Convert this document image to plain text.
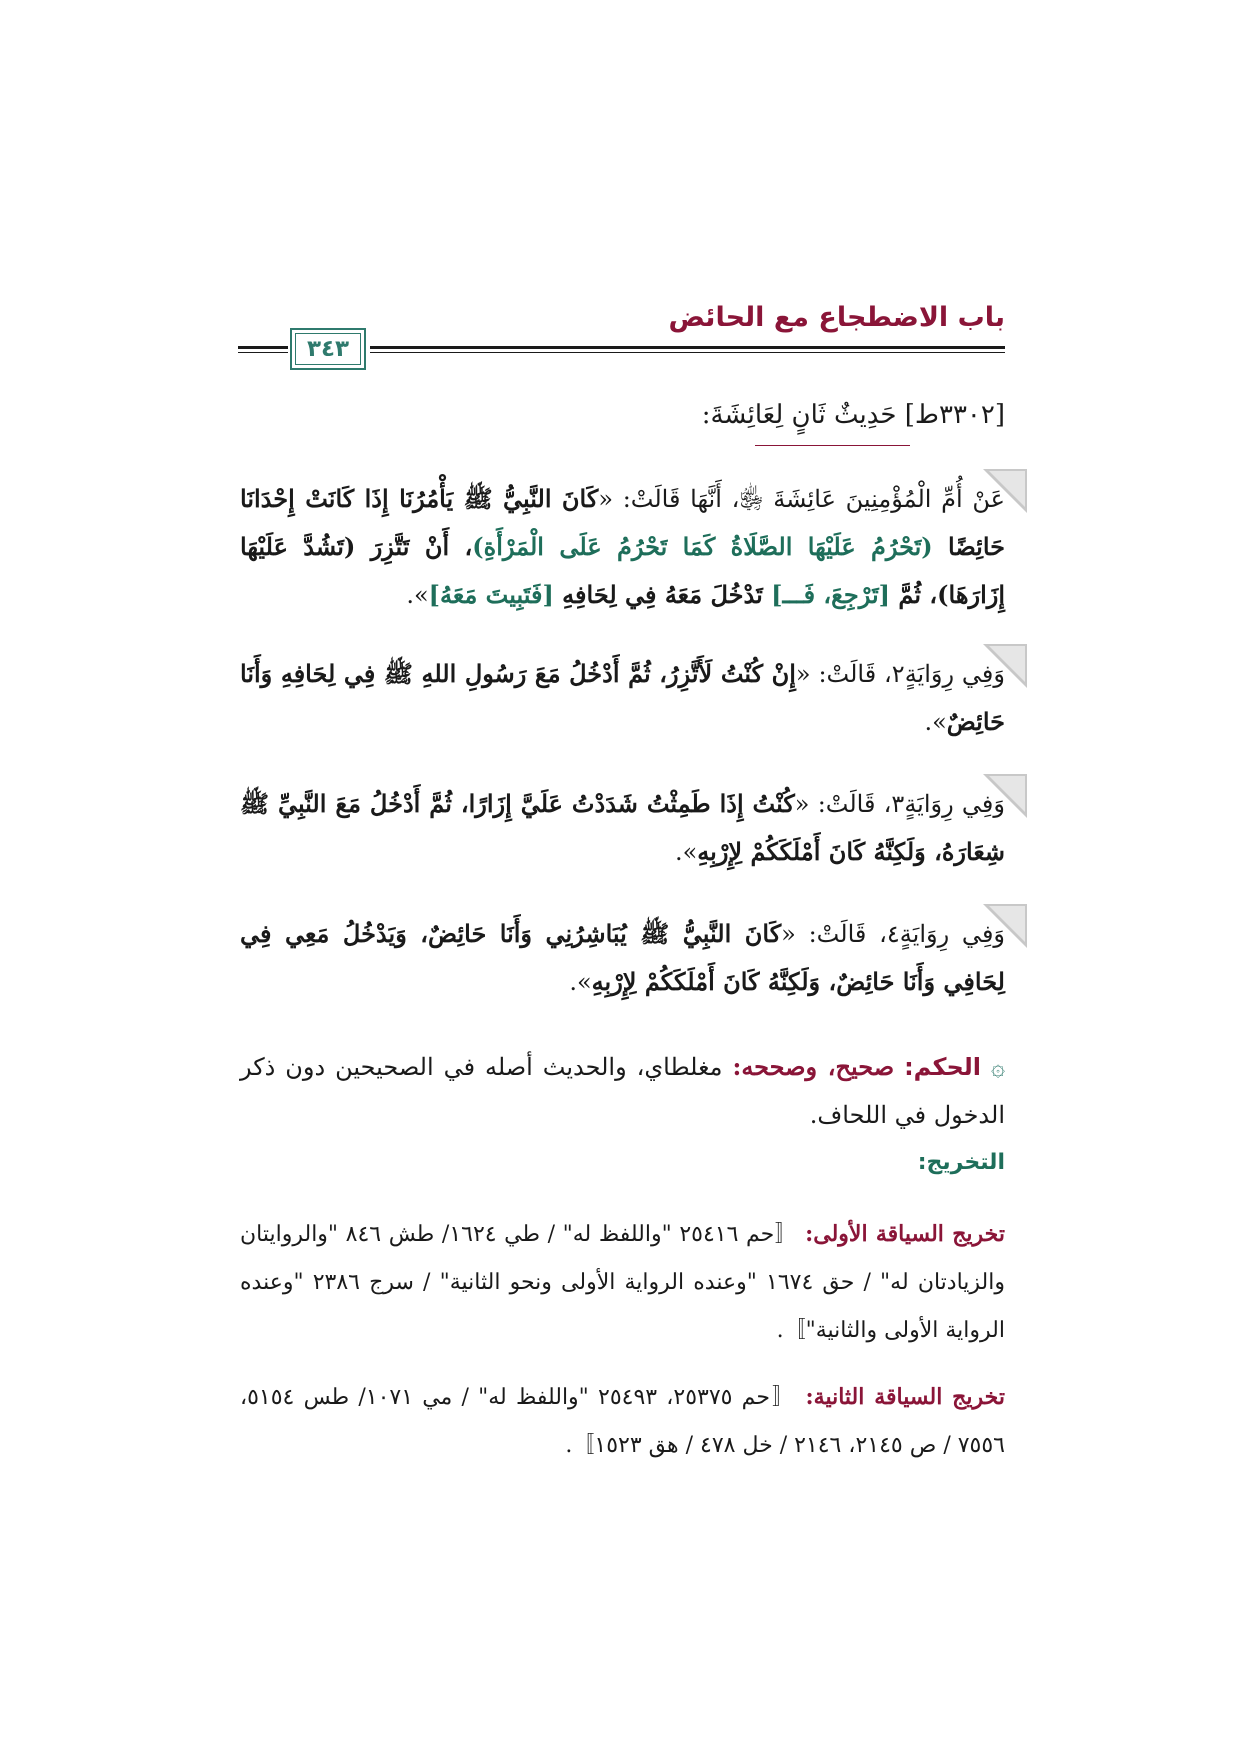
باب الاضطجاع مع الحائض
٣٤٣
[٣٣٠٢ط] حَدِيثٌ ثَانٍ لِعَائِشَةَ:

عَنْ أُمِّ الْمُؤْمِنِينَ عَائِشَةَ ﵂، أَنَّهَا قَالَتْ: «كَانَ النَّبِيُّ ﷺ يَأْمُرُنَا إِذَا كَانَتْ إِحْدَانَا حَائِضًا (تَحْرُمُ عَلَيْهَا الصَّلَاةُ كَمَا تَحْرُمُ عَلَى الْمَرْأَةِ)، أَنْ تَتَّزِرَ (تَشُدَّ عَلَيْهَا إِزَارَهَا)، ثُمَّ [تَرْجِعَ، فَـــ] تَدْخُلَ مَعَهُ فِي لِحَافِهِ [فَتَبِيتَ مَعَهُ]».

وَفِي رِوَايَةٍ٢، قَالَتْ: «إِنْ كُنْتُ لَأَتَّزِرُ، ثُمَّ أَدْخُلُ مَعَ رَسُولِ اللهِ ﷺ فِي لِحَافِهِ وَأَنَا حَائِضٌ».

وَفِي رِوَايَةٍ٣، قَالَتْ: «كُنْتُ إِذَا طَمِثْتُ شَدَدْتُ عَلَيَّ إِزَارًا، ثُمَّ أَدْخُلُ مَعَ النَّبِيِّ ﷺ شِعَارَهُ، وَلَكِنَّهُ كَانَ أَمْلَكَكُمْ لِإِرْبِهِ».

وَفِي رِوَايَةٍ٤، قَالَتْ: «كَانَ النَّبِيُّ ﷺ يُبَاشِرُنِي وَأَنَا حَائِضٌ، وَيَدْخُلُ مَعِي فِي لِحَافِي وَأَنَا حَائِضٌ، وَلَكِنَّهُ كَانَ أَمْلَكَكُمْ لِإِرْبِهِ».

۞ الحكم: صحيح، وصححه: مغلطاي، والحديث أصله في الصحيحين دون ذكر الدخول في اللحاف.
التخريج:
تخريج السياقة الأولى: 〚حم ٢٥٤١٦ "واللفظ له" / طي ١٦٢٤/ طش ٨٤٦ "والروايتان والزيادتان له" / حق ١٦٧٤ "وعنده الرواية الأولى ونحو الثانية" / سرج ٢٣٨٦ "وعنده الرواية الأولى والثانية"〛.
تخريج السياقة الثانية: 〚حم ٢٥٣٧٥، ٢٥٤٩٣ "واللفظ له" / مي ١٠٧١/ طس ٥١٥٤، ٧٥٥٦ / ص ٢١٤٥، ٢١٤٦ / خل ٤٧٨ / هق ١٥٢٣〛.
